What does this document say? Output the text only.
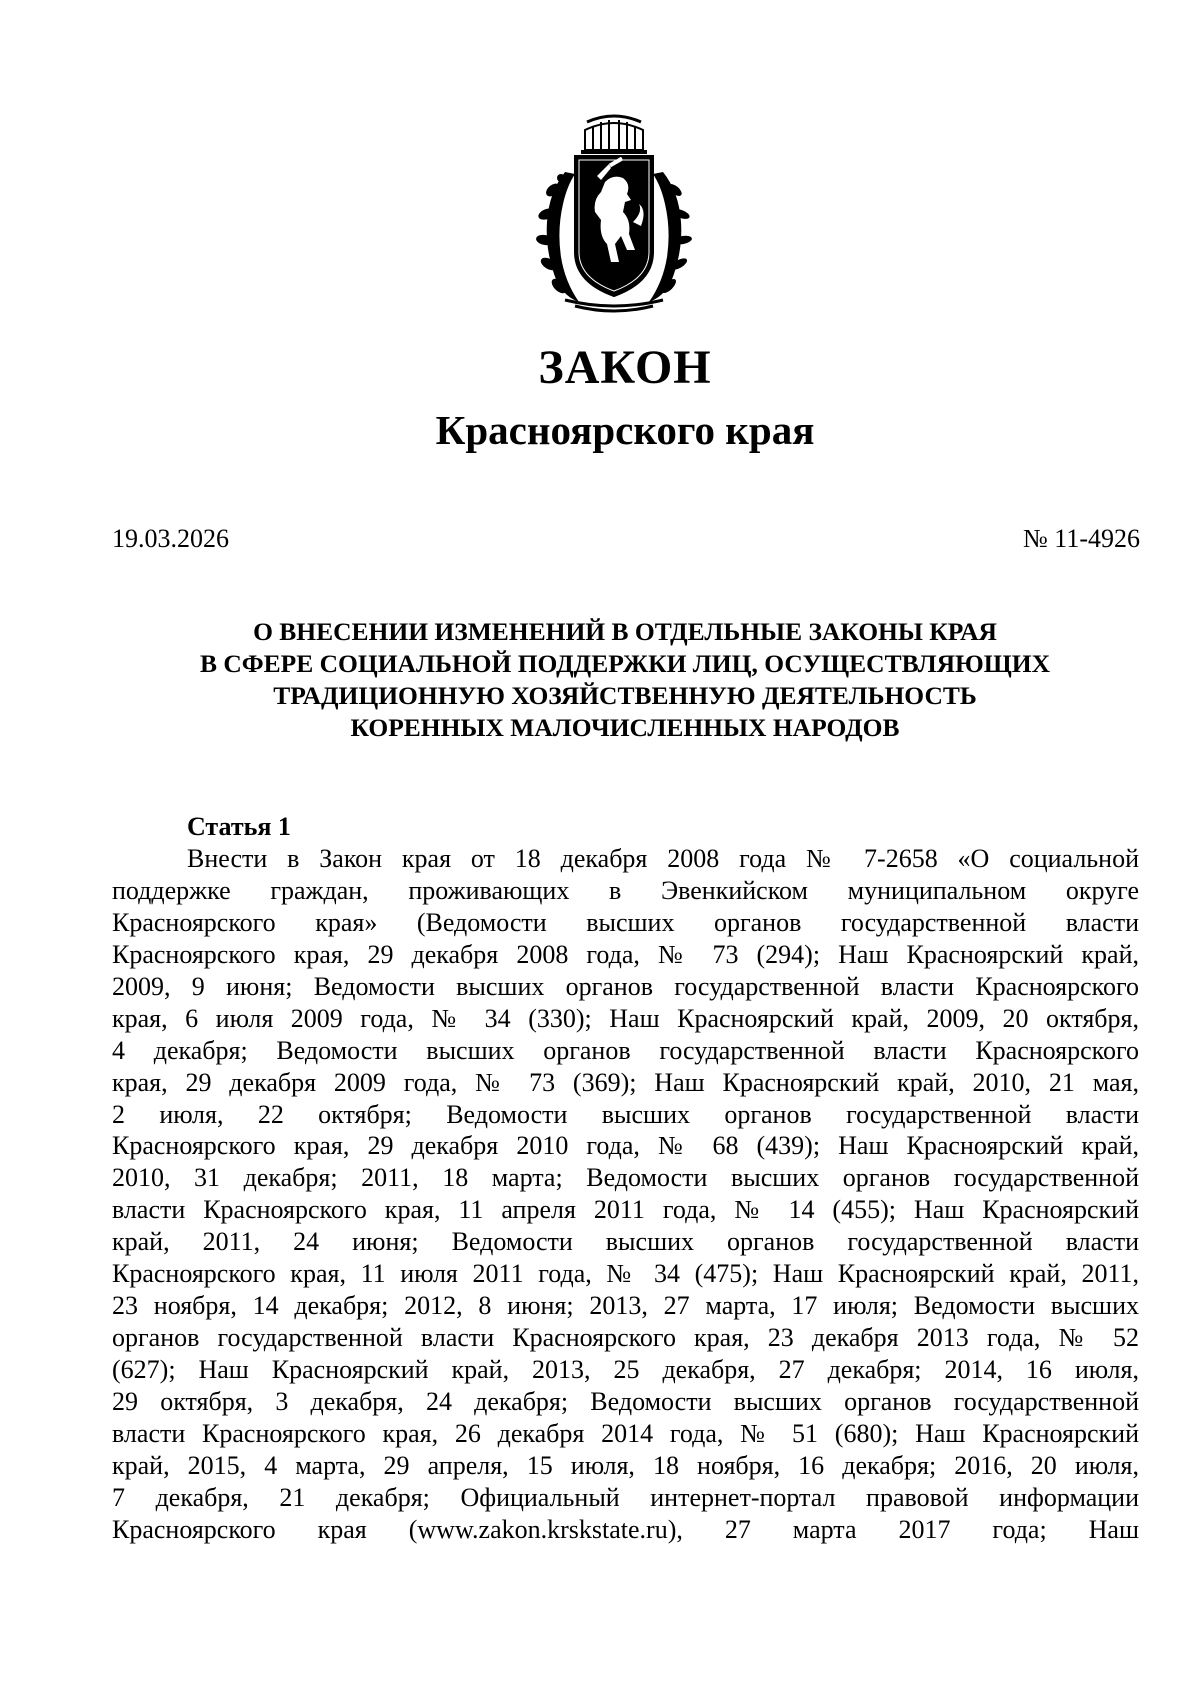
ЗАКОН
Красноярского края
19.03.2026	№ 11-4926
О ВНЕСЕНИИ ИЗМЕНЕНИЙ В ОТДЕЛЬНЫЕ ЗАКОНЫ КРАЯ
В СФЕРЕ СОЦИАЛЬНОЙ ПОДДЕРЖКИ ЛИЦ, ОСУЩЕСТВЛЯЮЩИХ
ТРАДИЦИОННУЮ ХОЗЯЙСТВЕННУЮ ДЕЯТЕЛЬНОСТЬ
КОРЕННЫХ МАЛОЧИСЛЕННЫХ НАРОДОВ
Статья 1
Внести в Закон края от 18 декабря 2008 года № 7-2658 «О социальной
поддержке граждан, проживающих в Эвенкийском муниципальном округе
Красноярского края» (Ведомости высших органов государственной власти
Красноярского края, 29 декабря 2008 года, № 73 (294); Наш Красноярский край,
2009, 9 июня; Ведомости высших органов государственной власти Красноярского
края, 6 июля 2009 года, № 34 (330); Наш Красноярский край, 2009, 20 октября,
4 декабря; Ведомости высших органов государственной власти Красноярского
края, 29 декабря 2009 года, № 73 (369); Наш Красноярский край, 2010, 21 мая,
2 июля, 22 октября; Ведомости высших органов государственной власти
Красноярского края, 29 декабря 2010 года, № 68 (439); Наш Красноярский край,
2010, 31 декабря; 2011, 18 марта; Ведомости высших органов государственной
власти Красноярского края, 11 апреля 2011 года, № 14 (455); Наш Красноярский
край, 2011, 24 июня; Ведомости высших органов государственной власти
Красноярского края, 11 июля 2011 года, № 34 (475); Наш Красноярский край, 2011,
23 ноября, 14 декабря; 2012, 8 июня; 2013, 27 марта, 17 июля; Ведомости высших
органов государственной власти Красноярского края, 23 декабря 2013 года, № 52
(627); Наш Красноярский край, 2013, 25 декабря, 27 декабря; 2014, 16 июля,
29 октября, 3 декабря, 24 декабря; Ведомости высших органов государственной
власти Красноярского края, 26 декабря 2014 года, № 51 (680); Наш Красноярский
край, 2015, 4 марта, 29 апреля, 15 июля, 18 ноября, 16 декабря; 2016, 20 июля,
7 декабря, 21 декабря; Официальный интернет-портал правовой информации
Красноярского края (www.zakon.krskstate.ru), 27 марта 2017 года; Наш
